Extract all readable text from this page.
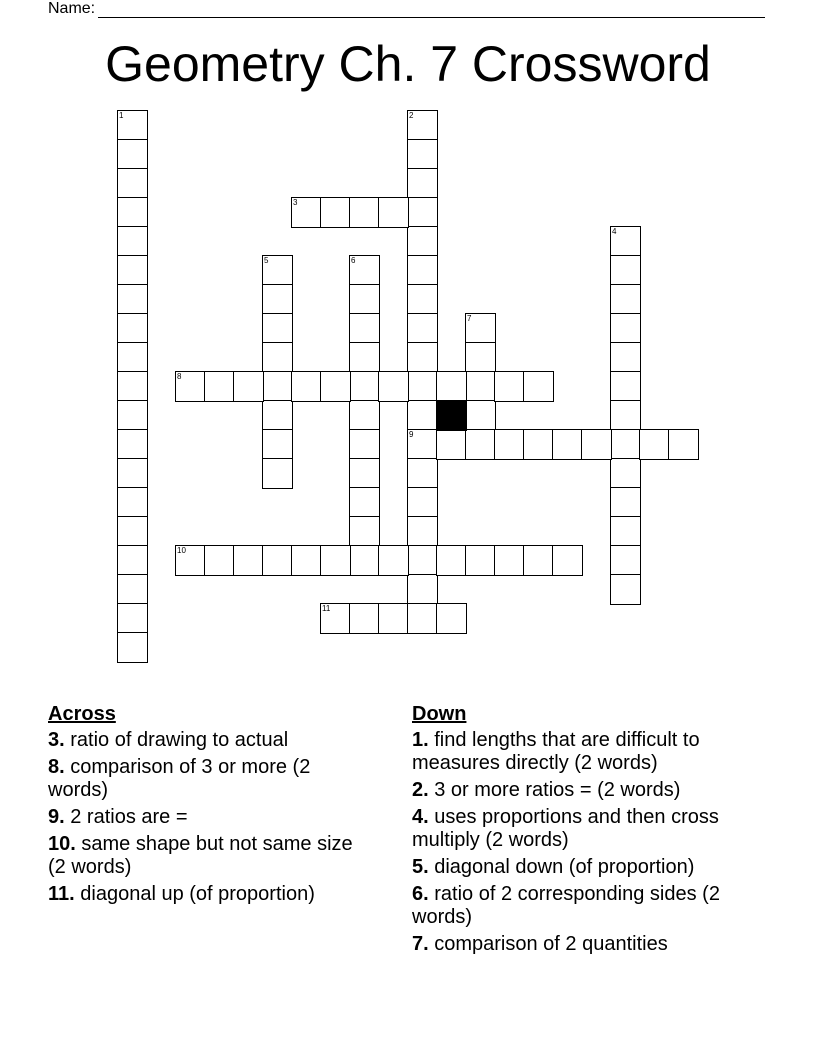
Name:
Geometry Ch. 7 Crossword
1	2
9
3
4
5	6
7
8
10
11
Across
3. ratio of drawing to actual
8. comparison of 3 or more (2 words)
9. 2 ratios are =
10. same shape but not same size (2 words)
11. diagonal up (of proportion)
Down
1. find lengths that are difficult to measures directly (2 words)
2. 3 or more ratios = (2 words)
4. uses proportions and then cross multiply (2 words)
5. diagonal down (of proportion)
6. ratio of 2 corresponding sides (2 words)
7. comparison of 2 quantities
